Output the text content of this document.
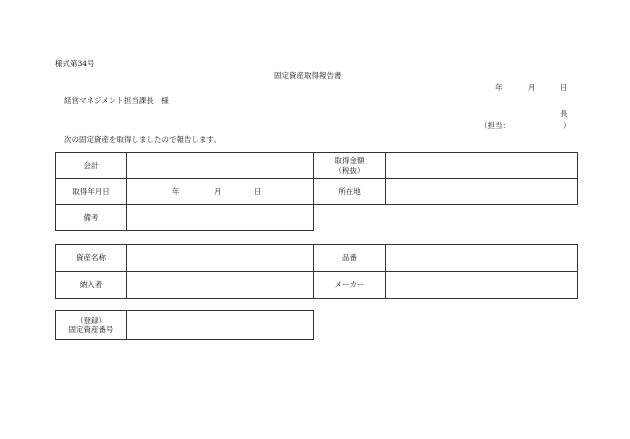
様式第34号
固定資産取得報告書
年	月	日
経営マネジメント担当課長　様
長
（担当：	）
次の固定資産を取得しましたので報告します。
会計		取得金額
（税抜）	

取得年月日	年 月 日	所在地	
備考			
資産名称		品番	
納入者		メーカー	
（登録）
固定資産番号
